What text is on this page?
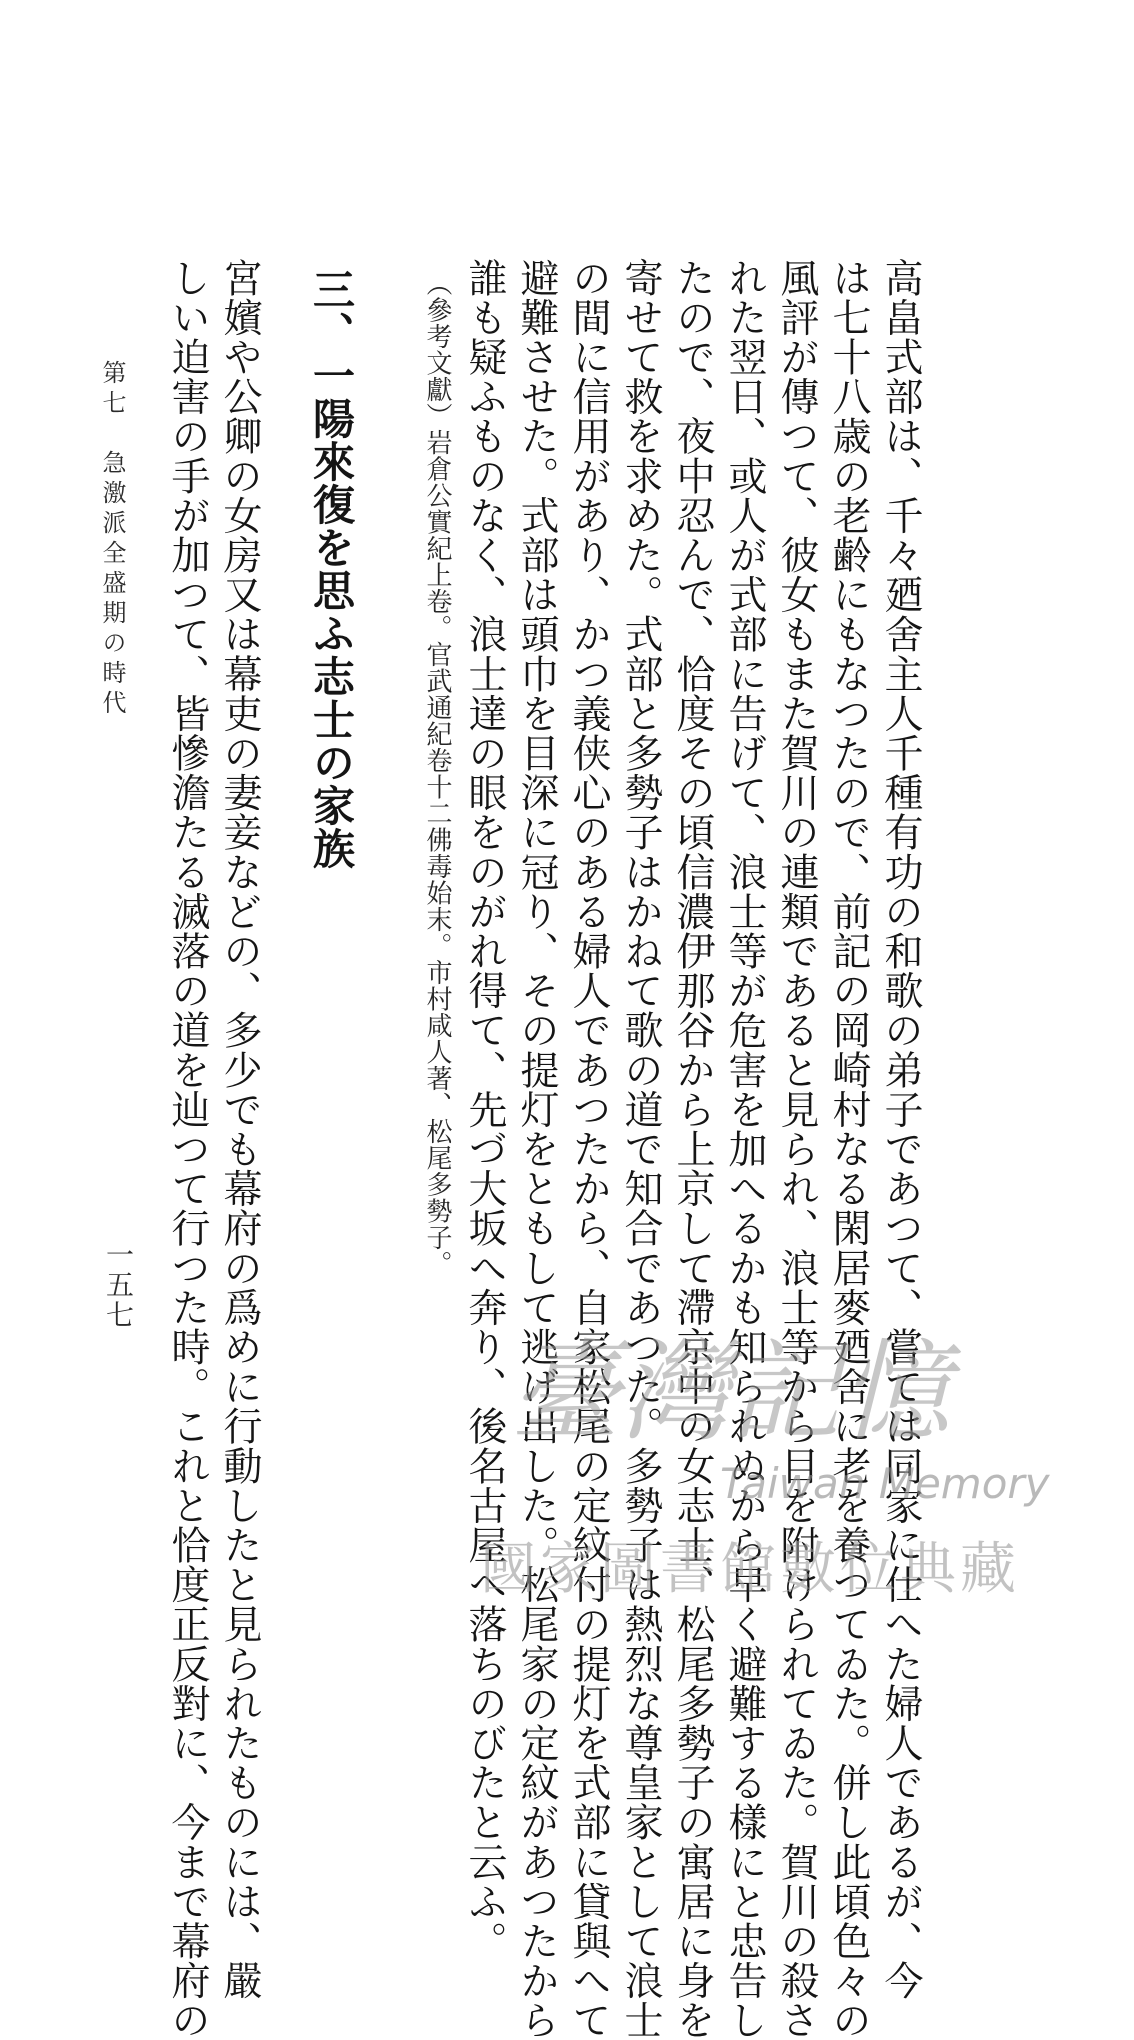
高畠式部は、千々廼舍主人千種有功の和歌の弟子であつて、嘗ては同家に仕へた婦人であるが、今
は七十八歳の老齢にもなつたので、前記の岡崎村なる閑居麥廼舍に老を養つてゐた。併し此頃色々の
風評が傳つて、彼女もまた賀川の連類であると見られ、浪士等から目を附けられてゐた。賀川の殺さ
れた翌日、或人が式部に告げて、浪士等が危害を加へるかも知られぬから早く避難する樣にと忠告し
たので、夜中忍んで、恰度その頃信濃伊那谷から上京して滯京中の女志士、松尾多勢子の寓居に身を
寄せて救を求めた。式部と多勢子はかねて歌の道で知合であつた。多勢子は熱烈な尊皇家として浪士
の間に信用があり、かつ義侠心のある婦人であつたから、自家松尾の定紋付の提灯を式部に貸與へて
避難させた。式部は頭巾を目深に冠り、その提灯をともして逃げ出した。松尾家の定紋があつたから
誰も疑ふものなく、浪士達の眼をのがれ得て、先づ大坂へ奔り、後名古屋へ落ちのびたと云ふ。
（參考文獻）岩倉公實紀上卷。官武通紀卷十二佛毒始末。市村咸人著、松尾多勢子。
三、一陽來復を思ふ志士の家族
宮嬪や公卿の女房又は幕吏の妻妾などの、多少でも幕府の爲めに行動したと見られたものには、嚴
しい迫害の手が加つて、皆慘澹たる滅落の道を辿つて行つた時。これと恰度正反對に、今まで幕府の
第七　急激派全盛期の時代
一五七
臺灣記憶
Taiwan Memory
國家圖書館數位典藏
